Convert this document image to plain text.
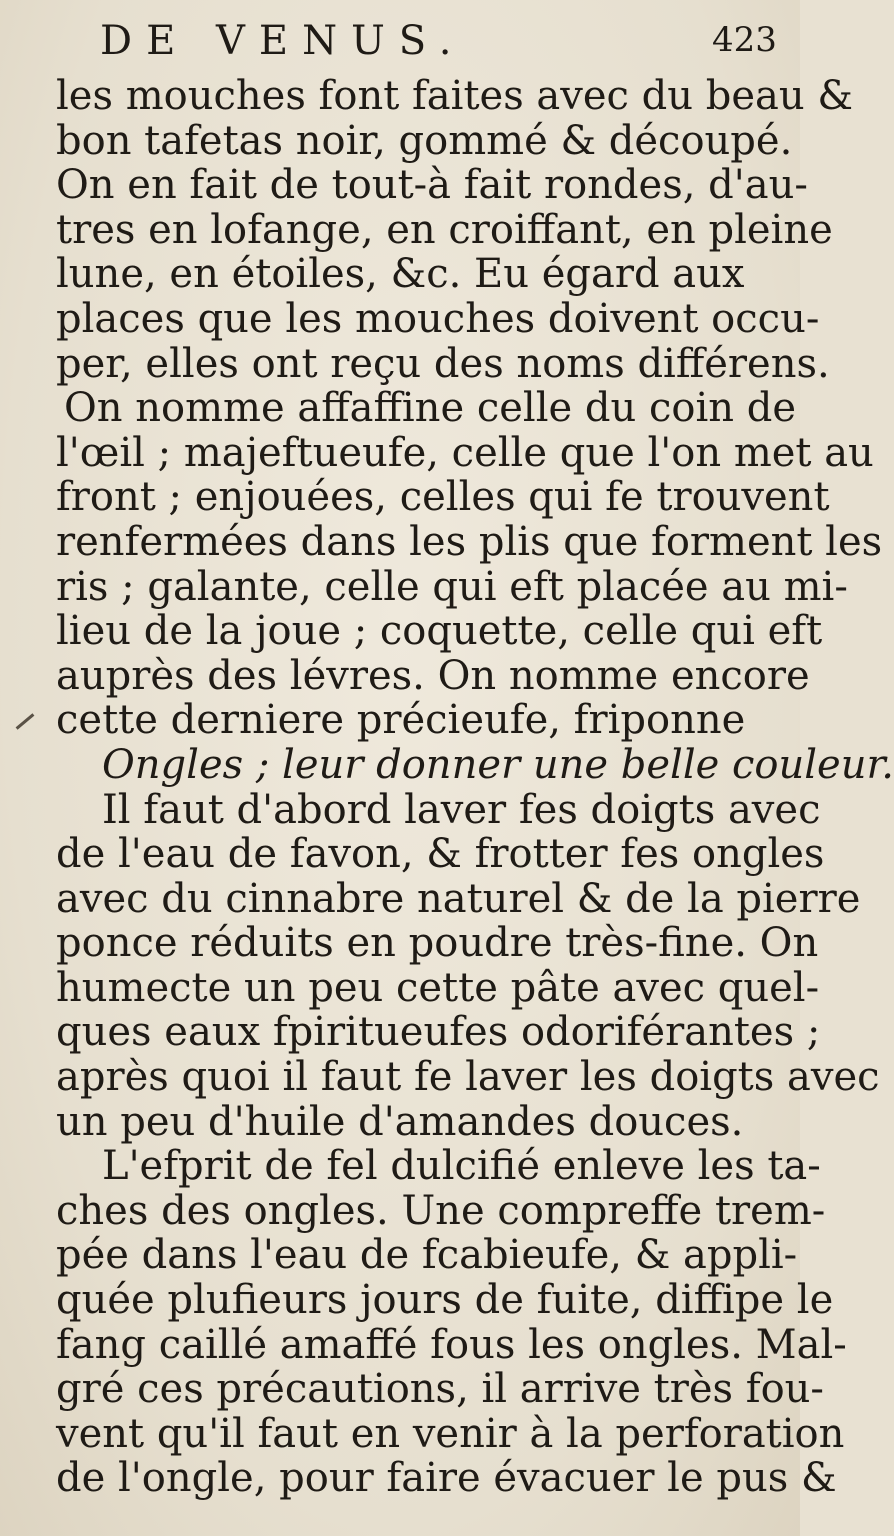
DE VENUS.	423
les mouches font faites avec du beau &
bon tafetas noir, gommé & découpé.
On en fait de tout-à fait rondes, d'au-
tres en lofange, en croiffant, en pleine
lune, en étoiles, &c. Eu égard aux
places que les mouches doivent occu-
per, elles ont reçu des noms différens.
On nomme affaffine celle du coin de
l'œil ; majeftueufe, celle que l'on met au
front ; enjouées, celles qui fe trouvent
renfermées dans les plis que forment les
ris ; galante, celle qui eft placée au mi-
lieu de la joue ; coquette, celle qui eft
auprès des lévres. On nomme encore
cette derniere précieufe, friponne
Ongles ; leur donner une belle couleur.
Il faut d'abord laver fes doigts avec
de l'eau de favon, & frotter fes ongles
avec du cinnabre naturel & de la pierre
ponce réduits en poudre très-fine. On
humecte un peu cette pâte avec quel-
ques eaux fpiritueufes odoriférantes ;
après quoi il faut fe laver les doigts avec
un peu d'huile d'amandes douces.
L'efprit de fel dulcifié enleve les ta-
ches des ongles. Une compreffe trem-
pée dans l'eau de fcabieufe, & appli-
quée plufieurs jours de fuite, diffipe le
fang caillé amaffé fous les ongles. Mal-
gré ces précautions, il arrive très fou-
vent qu'il faut en venir à la perforation
de l'ongle, pour faire évacuer le pus &
